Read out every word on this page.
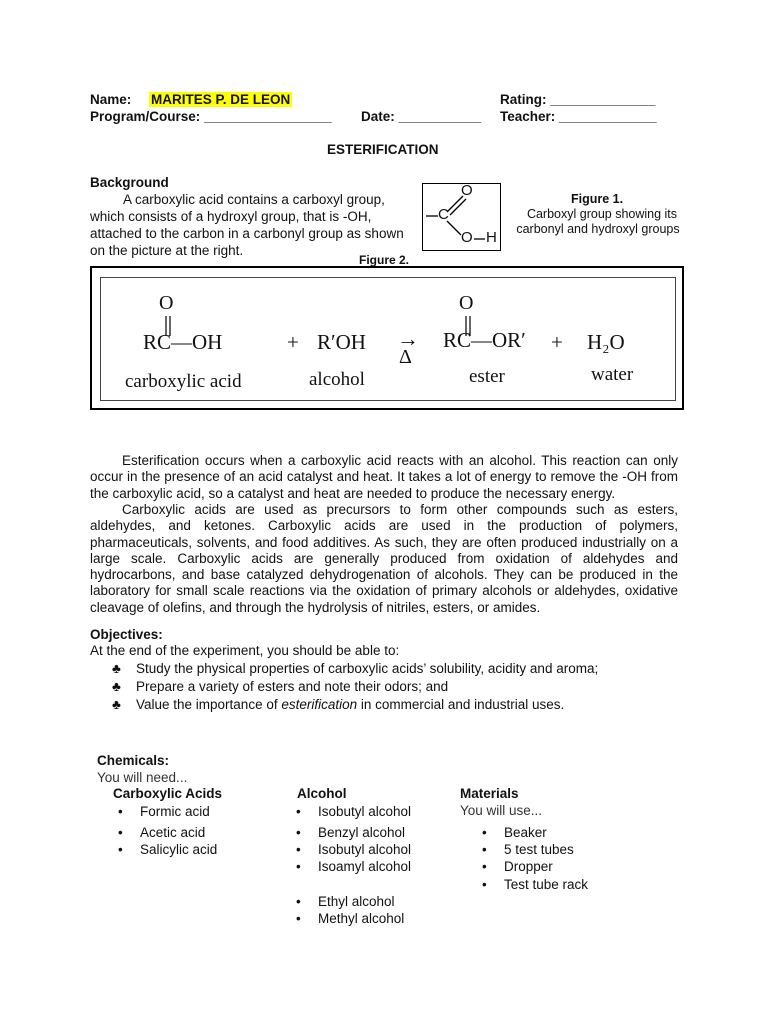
Name: MARITES P. DE LEON	Rating: ______________
Program/Course: _________________ Date: ___________ Teacher: _____________
ESTERIFICATION
Background
A carboxylic acid contains a carboxyl group,
which consists of a hydroxyl group, that is -OH,
attached to the carbon in a carbonyl group as shown
on the picture at the right.
O
C
O H
Figure 1.
Carboxyl group showing its
carbonyl and hydroxyl groups
Figure 2.
O
RC—OH	+ R′OH →
Δ
O
RC—OR′ + H₂O
carboxylic acid	alcohol	ester	water
Esterification occurs when a carboxylic acid reacts with an alcohol. This reaction can only occur in the presence of an acid catalyst and heat. It takes a lot of energy to remove the -OH from the carboxylic acid, so a catalyst and heat are needed to produce the necessary energy.
Carboxylic acids are used as precursors to form other compounds such as esters, aldehydes, and ketones. Carboxylic acids are used in the production of polymers, pharmaceuticals, solvents, and food additives. As such, they are often produced industrially on a large scale. Carboxylic acids are generally produced from oxidation of aldehydes and hydrocarbons, and base catalyzed dehydrogenation of alcohols. They can be produced in the laboratory for small scale reactions via the oxidation of primary alcohols or aldehydes, oxidative cleavage of olefins, and through the hydrolysis of nitriles, esters, or amides.
Objectives:
At the end of the experiment, you should be able to:
♣ Study the physical properties of carboxylic acids’ solubility, acidity and aroma;
♣ Prepare a variety of esters and note their odors; and
♣ Value the importance of esterification in commercial and industrial uses.
Chemicals:
You will need...
Carboxylic Acids
• Formic acid
• Acetic acid
• Salicylic acid
Alcohol
• Isobutyl alcohol
• Benzyl alcohol
• Isobutyl alcohol
• Isoamyl alcohol
• Ethyl alcohol
• Methyl alcohol
Materials
You will use...
• Beaker
• 5 test tubes
• Dropper
• Test tube rack
